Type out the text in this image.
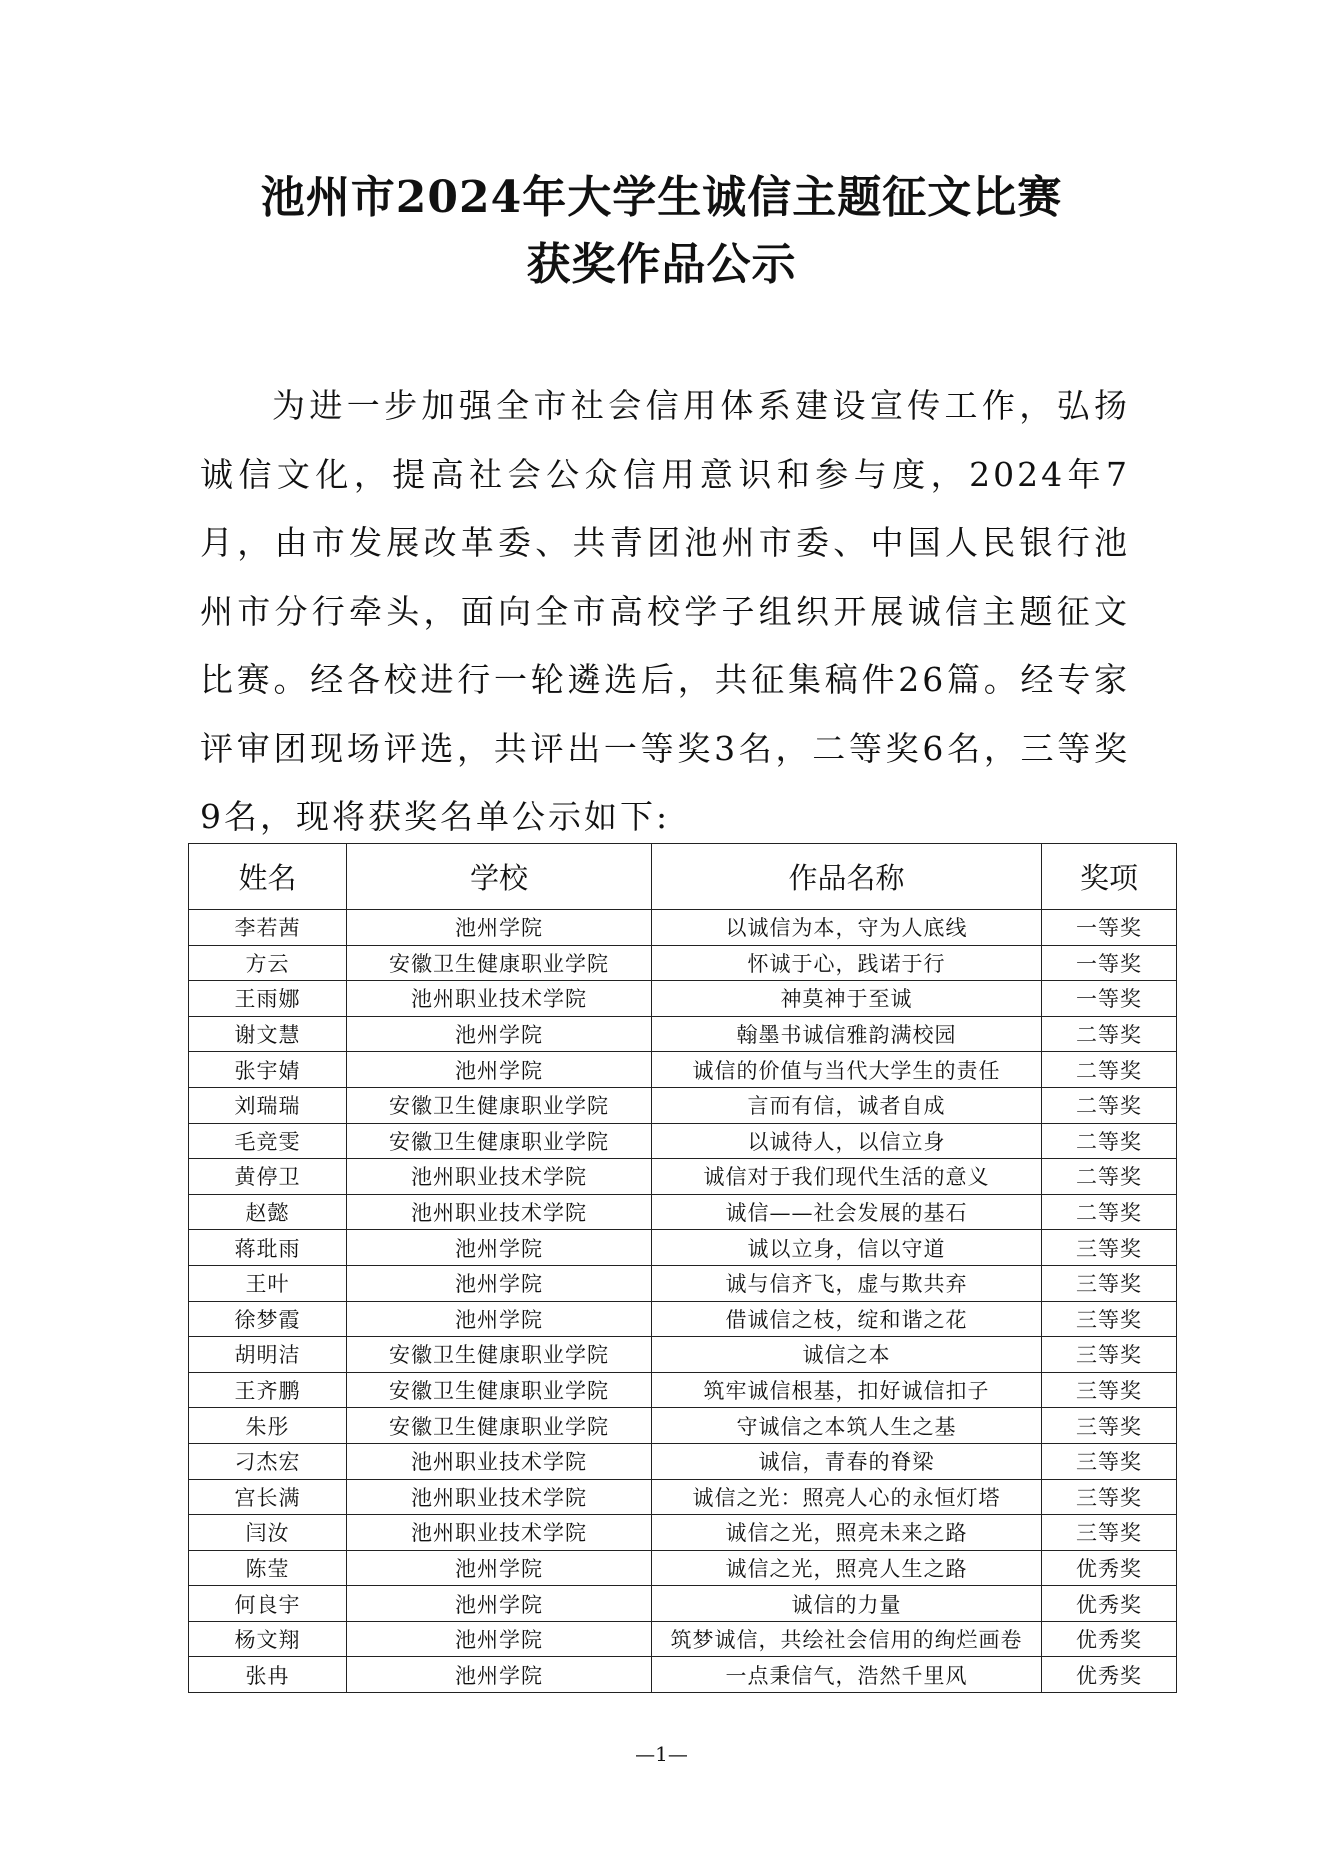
池州市2024年大学生诚信主题征文比赛
获奖作品公示
为进一步加强全市社会信用体系建设宣传工作，弘扬诚信文化，提高社会公众信用意识和参与度，2024年7月，由市发展改革委、共青团池州市委、中国人民银行池州市分行牵头，面向全市高校学子组织开展诚信主题征文比赛。经各校进行一轮遴选后，共征集稿件26篇。经专家评审团现场评选，共评出一等奖3名，二等奖6名，三等奖9名，现将获奖名单公示如下:
姓名	学校	作品名称	奖项
李若茜	池州学院	以诚信为本，守为人底线	一等奖
方云	安徽卫生健康职业学院	怀诚于心，践诺于行	一等奖
王雨娜	池州职业技术学院	神莫神于至诚	一等奖
谢文慧	池州学院	翰墨书诚信雅韵满校园	二等奖
张宇婧	池州学院	诚信的价值与当代大学生的责任	二等奖
刘瑞瑞	安徽卫生健康职业学院	言而有信，诚者自成	二等奖
毛竞雯	安徽卫生健康职业学院	以诚待人，以信立身	二等奖
黄停卫	池州职业技术学院	诚信对于我们现代生活的意义	二等奖
赵懿	池州职业技术学院	诚信——社会发展的基石	二等奖
蒋玭雨	池州学院	诚以立身，信以守道	三等奖
王叶	池州学院	诚与信齐飞，虚与欺共弃	三等奖
徐梦霞	池州学院	借诚信之枝，绽和谐之花	三等奖
胡明洁	安徽卫生健康职业学院	诚信之本	三等奖
王齐鹏	安徽卫生健康职业学院	筑牢诚信根基，扣好诚信扣子	三等奖
朱彤	安徽卫生健康职业学院	守诚信之本筑人生之基	三等奖
刁杰宏	池州职业技术学院	诚信，青春的脊梁	三等奖
宫长满	池州职业技术学院	诚信之光：照亮人心的永恒灯塔	三等奖
闫汝	池州职业技术学院	诚信之光，照亮未来之路	三等奖
陈莹	池州学院	诚信之光，照亮人生之路	优秀奖
何良宇	池州学院	诚信的力量	优秀奖
杨文翔	池州学院	筑梦诚信，共绘社会信用的绚烂画卷	优秀奖
张冉	池州学院	一点秉信气，浩然千里风	优秀奖
—1—
